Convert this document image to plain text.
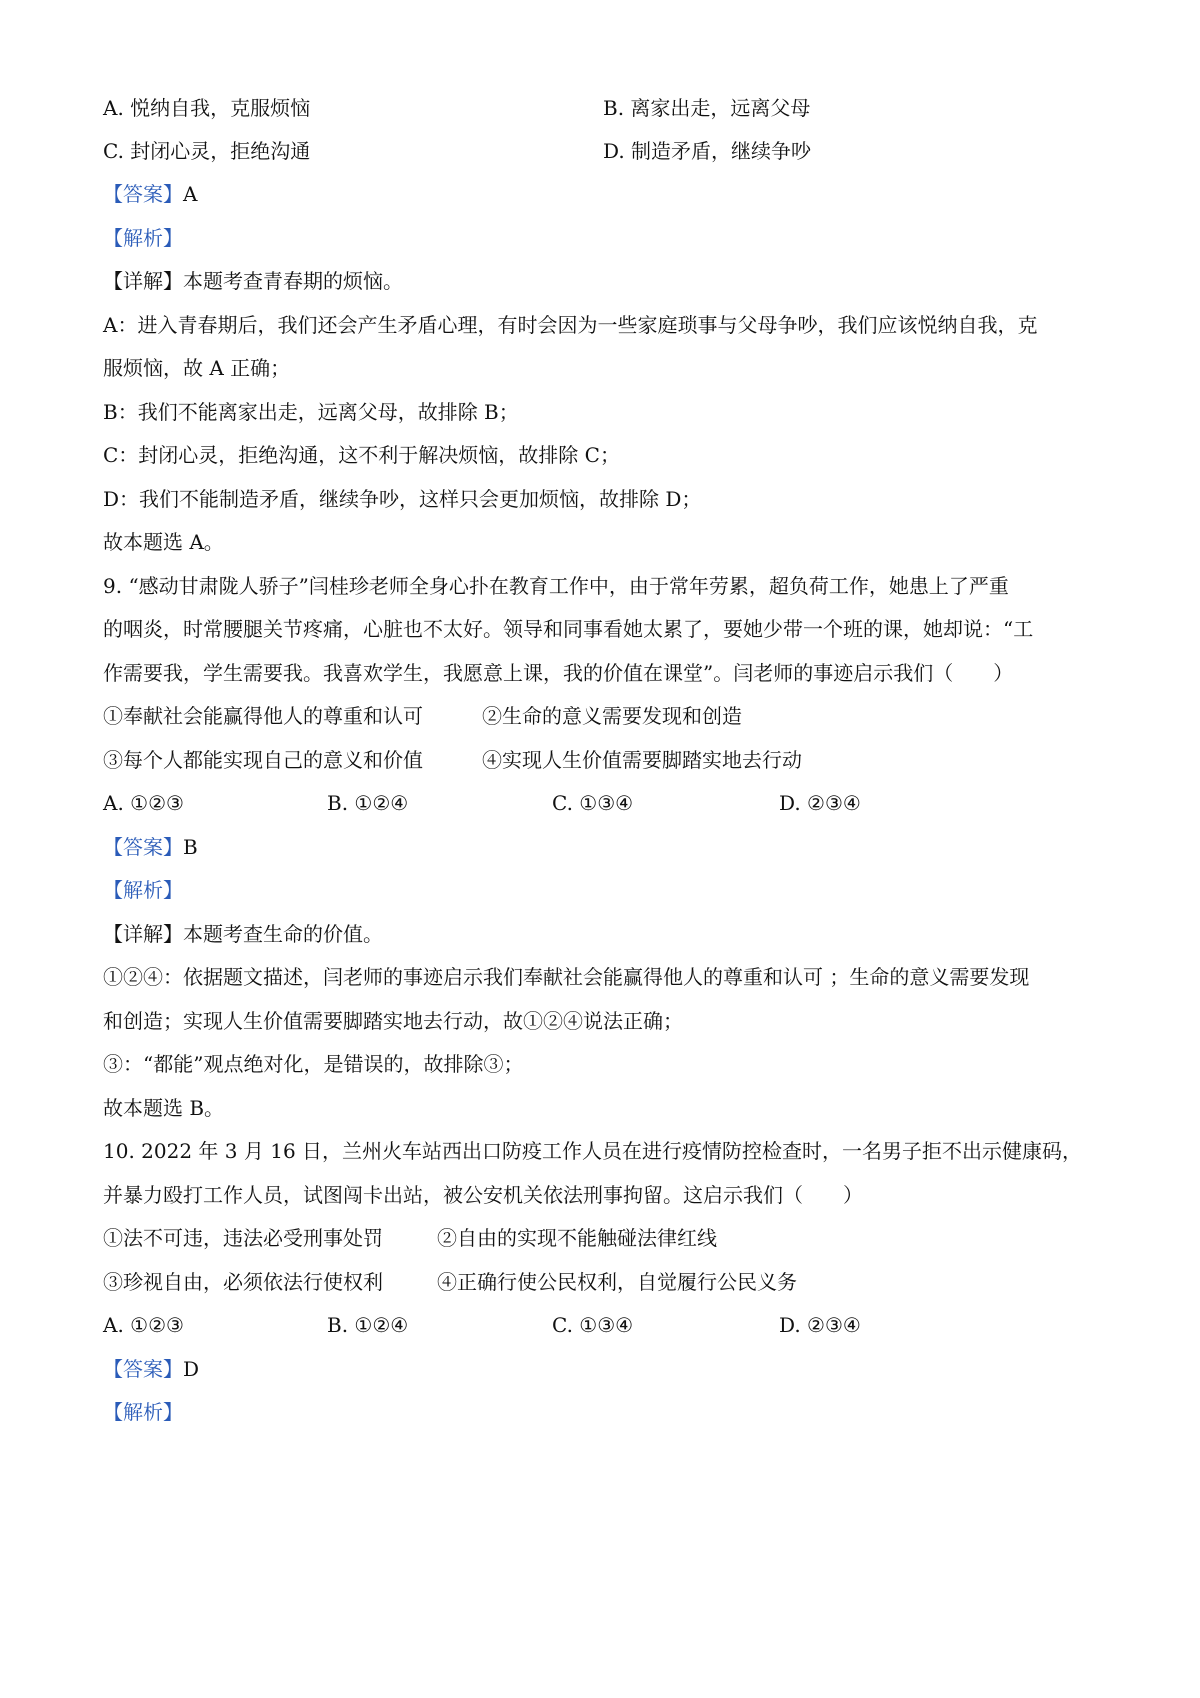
A. 悦纳自我，克服烦恼	B. 离家出走，远离父母
C. 封闭心灵，拒绝沟通	D. 制造矛盾，继续争吵
【答案】A
【解析】
【详解】本题考查青春期的烦恼。
A：进入青春期后，我们还会产生矛盾心理，有时会因为一些家庭琐事与父母争吵，我们应该悦纳自我，克
服烦恼，故 A 正确；
B：我们不能离家出走，远离父母，故排除 B；
C：封闭心灵，拒绝沟通，这不利于解决烦恼，故排除 C；
D：我们不能制造矛盾，继续争吵，这样只会更加烦恼，故排除 D；
故本题选 A。
9. “感动甘肃陇人骄子”闫桂珍老师全身心扑在教育工作中，由于常年劳累，超负荷工作，她患上了严重
的咽炎，时常腰腿关节疼痛，心脏也不太好。领导和同事看她太累了，要她少带一个班的课，她却说：“工
作需要我，学生需要我。我喜欢学生，我愿意上课，我的价值在课堂”。闫老师的事迹启示我们（　　）
①奉献社会能赢得他人的尊重和认可	②生命的意义需要发现和创造
③每个人都能实现自己的意义和价值	④实现人生价值需要脚踏实地去行动
A. ①②③	B. ①②④	C. ①③④	D. ②③④
【答案】B
【解析】
【详解】本题考查生命的价值。
①②④：依据题文描述，闫老师的事迹启示我们奉献社会能赢得他人的尊重和认可 ；生命的意义需要发现
和创造；实现人生价值需要脚踏实地去行动，故①②④说法正确；
③：“都能”观点绝对化，是错误的，故排除③；
故本题选 B。
10. 2022 年 3 月 16 日，兰州火车站西出口防疫工作人员在进行疫情防控检查时，一名男子拒不出示健康码，
并暴力殴打工作人员，试图闯卡出站，被公安机关依法刑事拘留。这启示我们（　　）
①法不可违，违法必受刑事处罚	②自由的实现不能触碰法律红线
③珍视自由，必须依法行使权利	④正确行使公民权利，自觉履行公民义务
A. ①②③	B. ①②④	C. ①③④	D. ②③④
【答案】D
【解析】
